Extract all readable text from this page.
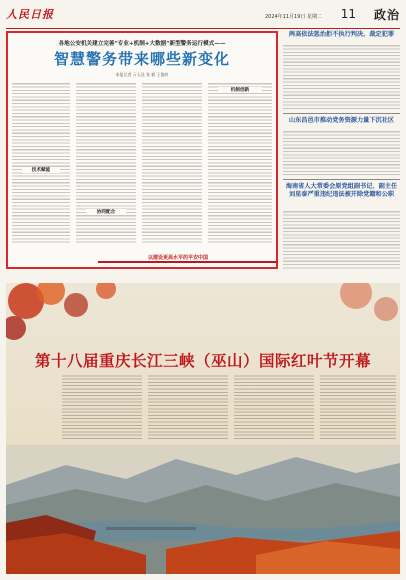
人民日报	2024年11月19日 星期二 11 政治
各地公安机关建立完善“专业+机制+大数据”新型警务运行模式——
智慧警务带来哪些新变化
本报记者 亓玉昆 张 毅 王俊岭
技术赋能
协同配合
机制创新
以建设更高水平的平安中国
两高依法惩治拒不执行判决、裁定犯罪
山东昌邑市推动党务资源力量下沉社区
海南省人大常委会原党组副书记、副主任刘星泰严重违纪违法被开除党籍和公职
第十八届重庆长江三峡（巫山）国际红叶节开幕
